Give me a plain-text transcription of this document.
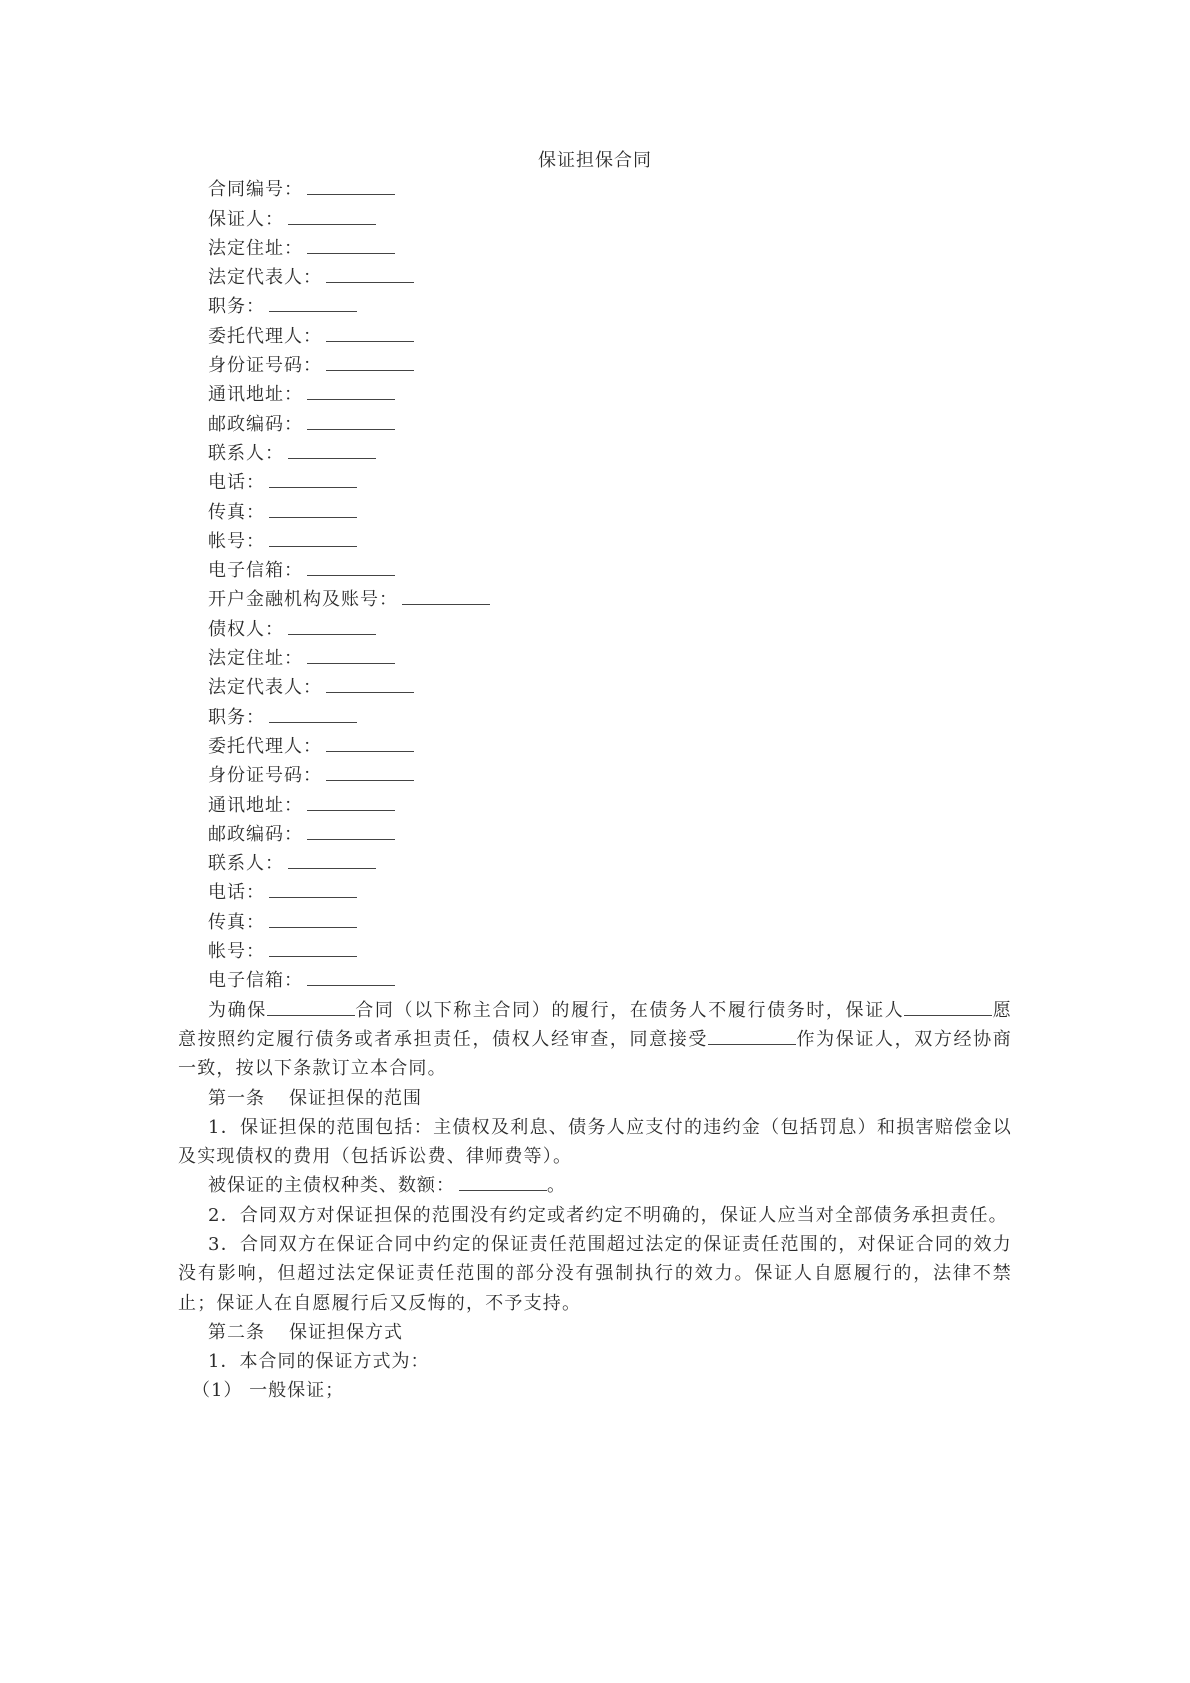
保证担保合同
合同编号：
保证人：
法定住址：
法定代表人：
职务：
委托代理人：
身份证号码：
通讯地址：
邮政编码：
联系人：
电话：
传真：
帐号：
电子信箱：
开户金融机构及账号：
债权人：
法定住址：
法定代表人：
职务：
委托代理人：
身份证号码：
通讯地址：
邮政编码：
联系人：
电话：
传真：
帐号：
电子信箱：

为确保	合同（以下称主合同）的履行，在债务人不履行债务时，保证人	愿意按照约定履行债务或者承担责任，债权人经审查，同意接受	作为保证人，双方经协商一致，按以下条款订立本合同。

第一条 保证担保的范围

1．保证担保的范围包括：主债权及利息、债务人应支付的违约金（包括罚息）和损害赔偿金以及实现债权的费用（包括诉讼费、律师费等）。

被保证的主债权种类、数额：	。

2．合同双方对保证担保的范围没有约定或者约定不明确的，保证人应当对全部债务承担责任。

3．合同双方在保证合同中约定的保证责任范围超过法定的保证责任范围的，对保证合同的效力没有影响，但超过法定保证责任范围的部分没有强制执行的效力。保证人自愿履行的，法律不禁止；保证人在自愿履行后又反悔的，不予支持。

第二条 保证担保方式
1．本合同的保证方式为：
（1） 一般保证；
